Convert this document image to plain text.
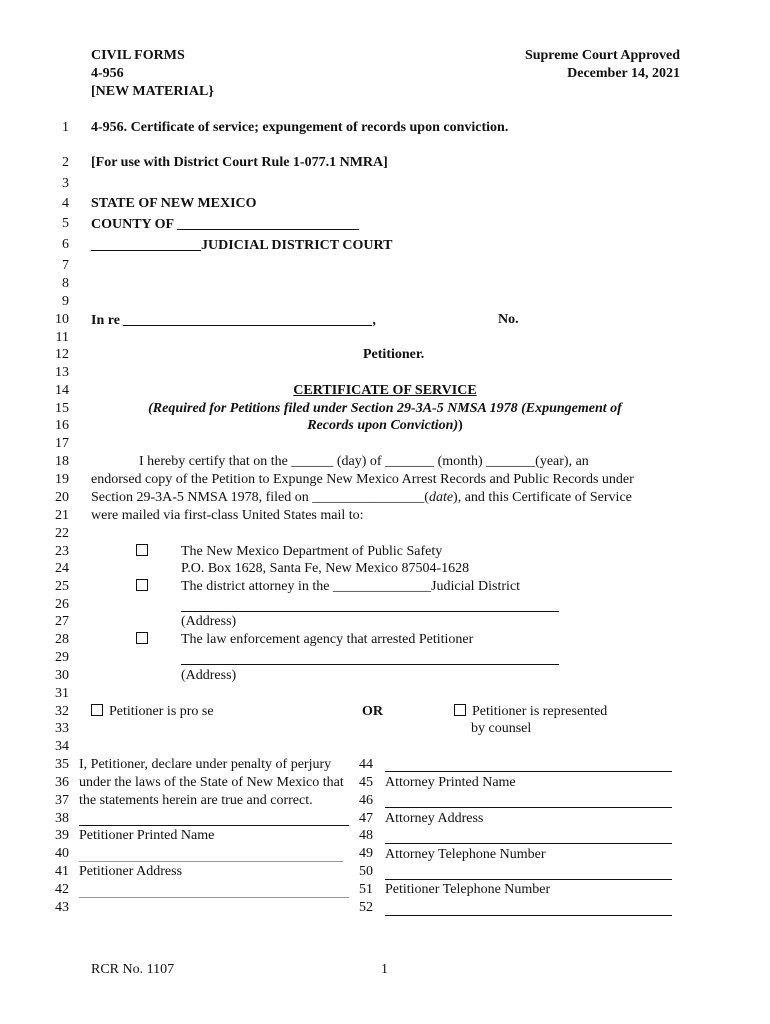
CIVIL FORMS
4-956
[NEW MATERIAL}
Supreme Court Approved
December 14, 2021
1
2
3
4
5
6
7
8
9
10
11
12
13
14
15
16
17
18
19
20
21
22
23
24
25
26
27
28
29
30
31
32
33
34
35
36
37
38
39
40
41
42
43
44
45
46
47
48
49
50
51
52
4-956. Certificate of service; expungement of records upon conviction.
[For use with District Court Rule 1-077.1 NMRA]
STATE OF NEW MEXICO
COUNTY OF
JUDICIAL DISTRICT COURT
In re	,	No.
Petitioner.
CERTIFICATE OF SERVICE
(Required for Petitions filed under Section 29-3A-5 NMSA 1978 (Expungement of
Records upon Conviction))
I hereby certify that on the ______ (day) of _______ (month) _______(year), an
endorsed copy of the Petition to Expunge New Mexico Arrest Records and Public Records under
Section 29-3A-5 NMSA 1978, filed on ________________(date), and this Certificate of Service
were mailed via first-class United States mail to:
The New Mexico Department of Public Safety
P.O. Box 1628, Santa Fe, New Mexico 87504-1628
The district attorney in the ______________Judicial District
(Address)
The law enforcement agency that arrested Petitioner
(Address)
Petitioner is pro se	OR	Petitioner is represented
by counsel
I, Petitioner, declare under penalty of perjury
under the laws of the State of New Mexico that
the statements herein are true and correct.
Petitioner Printed Name
Petitioner Address
Attorney Printed Name
Attorney Address
Attorney Telephone Number
Petitioner Telephone Number
RCR No. 1107	1
